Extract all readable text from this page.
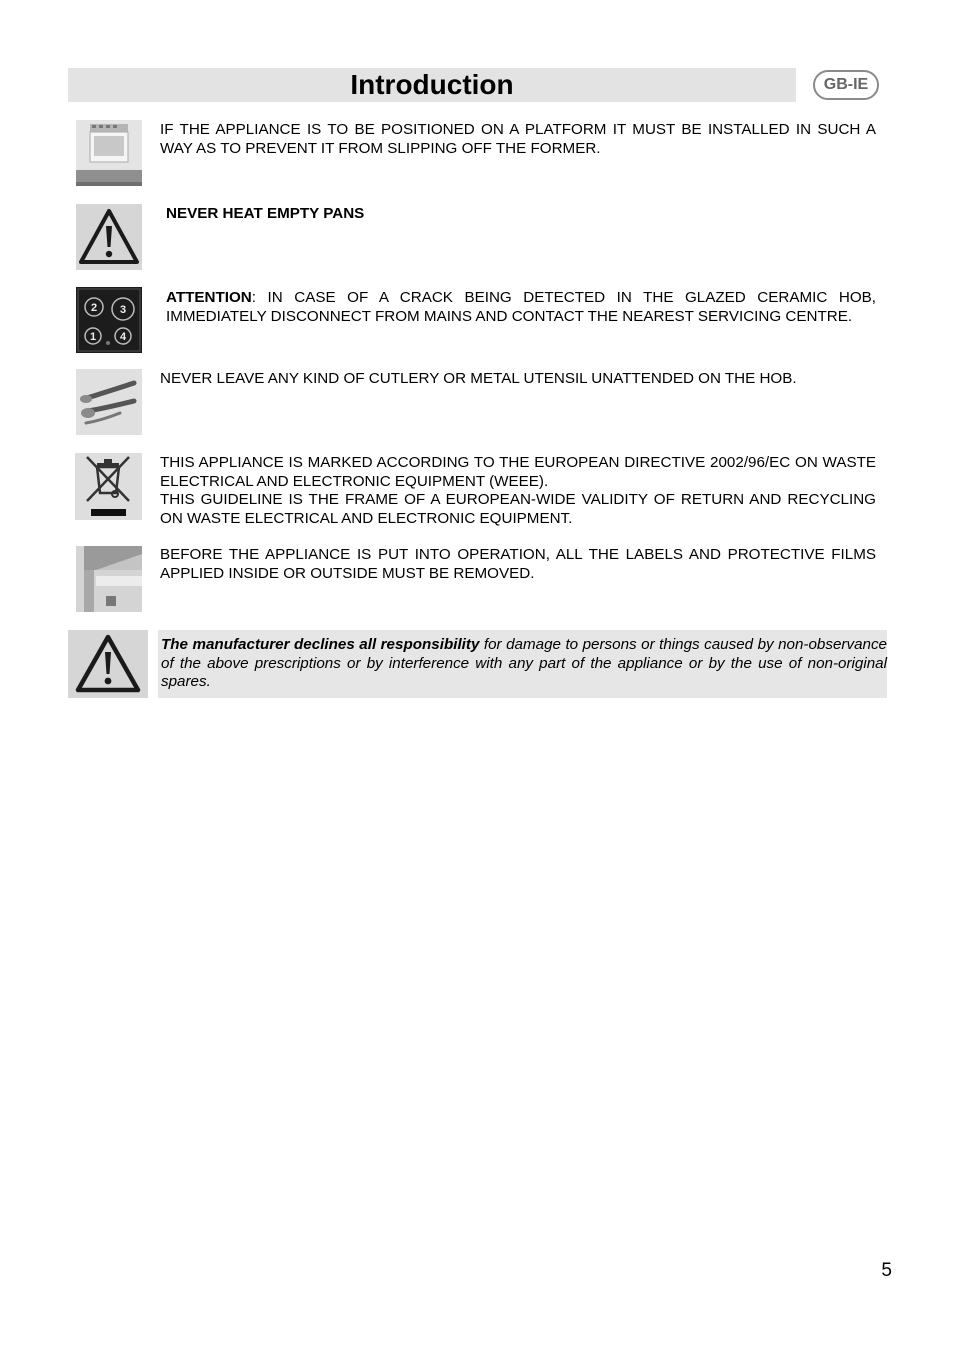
Introduction	GB-IE
IF THE APPLIANCE IS TO BE POSITIONED ON A PLATFORM IT MUST BE INSTALLED IN SUCH A WAY AS TO PREVENT IT FROM SLIPPING OFF THE FORMER.
NEVER HEAT EMPTY PANS
2 3
1 4
ATTENTION: IN CASE OF A CRACK BEING DETECTED IN THE GLAZED CERAMIC HOB, IMMEDIATELY DISCONNECT FROM MAINS AND CONTACT THE NEAREST SERVICING CENTRE.
NEVER LEAVE ANY KIND OF CUTLERY OR METAL UTENSIL UNATTENDED ON THE HOB.

THIS APPLIANCE IS MARKED ACCORDING TO THE EUROPEAN DIRECTIVE 2002/96/EC ON WASTE ELECTRICAL AND ELECTRONIC EQUIPMENT (WEEE).

THIS GUIDELINE IS THE FRAME OF A EUROPEAN-WIDE VALIDITY OF RETURN AND RECYCLING ON WASTE ELECTRICAL AND ELECTRONIC EQUIPMENT.

BEFORE THE APPLIANCE IS PUT INTO OPERATION, ALL THE LABELS AND PROTECTIVE FILMS APPLIED INSIDE OR OUTSIDE MUST BE REMOVED.
The manufacturer declines all responsibility for damage to persons or things caused by non-observance of the above prescriptions or by interference with any part of the appliance or by the use of non-original spares.
5
